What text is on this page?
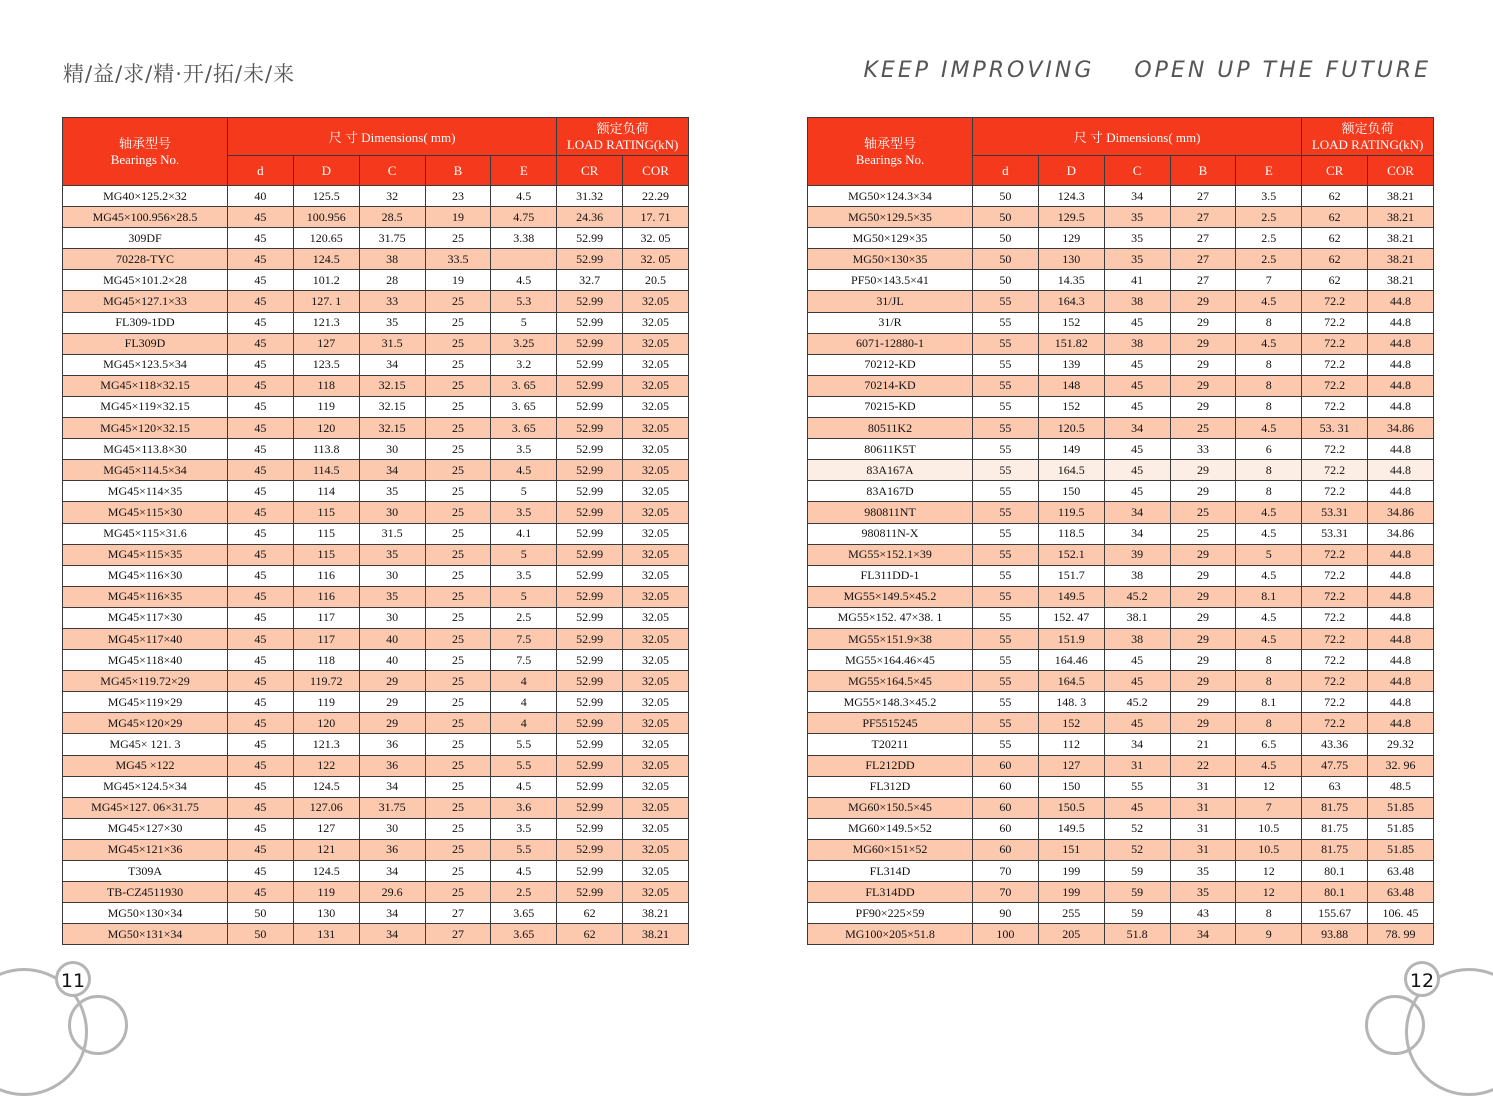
精/益/求/精·开/拓/未/来	KEEP IMPROVING    OPEN UP THE FUTURE
轴承型号
Bearings No.	尺 寸 Dimensions( mm)					额定负荷
LOAD RATING(kN)	
	d	D	C	B	E	CR	COR
MG40×125.2×32	40	125.5	32	23	4.5	31.32	22.29
MG45×100.956×28.5	45	100.956	28.5	19	4.75	24.36	17. 71
309DF	45	120.65	31.75	25	3.38	52.99	32. 05
70228-TYC	45	124.5	38	33.5		52.99	32. 05
MG45×101.2×28	45	101.2	28	19	4.5	32.7	20.5
MG45×127.1×33	45	127. 1	33	25	5.3	52.99	32.05
FL309-1DD	45	121.3	35	25	5	52.99	32.05
FL309D	45	127	31.5	25	3.25	52.99	32.05
MG45×123.5×34	45	123.5	34	25	3.2	52.99	32.05
MG45×118×32.15	45	118	32.15	25	3. 65	52.99	32.05
MG45×119×32.15	45	119	32.15	25	3. 65	52.99	32.05
MG45×120×32.15	45	120	32.15	25	3. 65	52.99	32.05
MG45×113.8×30	45	113.8	30	25	3.5	52.99	32.05
MG45×114.5×34	45	114.5	34	25	4.5	52.99	32.05
MG45×114×35	45	114	35	25	5	52.99	32.05
MG45×115×30	45	115	30	25	3.5	52.99	32.05
MG45×115×31.6	45	115	31.5	25	4.1	52.99	32.05
MG45×115×35	45	115	35	25	5	52.99	32.05
MG45×116×30	45	116	30	25	3.5	52.99	32.05
MG45×116×35	45	116	35	25	5	52.99	32.05
MG45×117×30	45	117	30	25	2.5	52.99	32.05
MG45×117×40	45	117	40	25	7.5	52.99	32.05
MG45×118×40	45	118	40	25	7.5	52.99	32.05
MG45×119.72×29	45	119.72	29	25	4	52.99	32.05
MG45×119×29	45	119	29	25	4	52.99	32.05
MG45×120×29	45	120	29	25	4	52.99	32.05
MG45× 121. 3	45	121.3	36	25	5.5	52.99	32.05
MG45 ×122	45	122	36	25	5.5	52.99	32.05
MG45×124.5×34	45	124.5	34	25	4.5	52.99	32.05
MG45×127. 06×31.75	45	127.06	31.75	25	3.6	52.99	32.05
MG45×127×30	45	127	30	25	3.5	52.99	32.05
MG45×121×36	45	121	36	25	5.5	52.99	32.05
T309A	45	124.5	34	25	4.5	52.99	32.05
TB-CZ4511930	45	119	29.6	25	2.5	52.99	32.05
MG50×130×34	50	130	34	27	3.65	62	38.21
MG50×131×34	50	131	34	27	3.65	62	38.21
轴承型号
Bearings No.	尺 寸 Dimensions( mm)					额定负荷
LOAD RATING(kN)	
	d	D	C	B	E	CR	COR
MG50×124.3×34	50	124.3	34	27	3.5	62	38.21
MG50×129.5×35	50	129.5	35	27	2.5	62	38.21
MG50×129×35	50	129	35	27	2.5	62	38.21
MG50×130×35	50	130	35	27	2.5	62	38.21
PF50×143.5×41	50	14.35	41	27	7	62	38.21
31/JL	55	164.3	38	29	4.5	72.2	44.8
31/R	55	152	45	29	8	72.2	44.8
6071-12880-1	55	151.82	38	29	4.5	72.2	44.8
70212-KD	55	139	45	29	8	72.2	44.8
70214-KD	55	148	45	29	8	72.2	44.8
70215-KD	55	152	45	29	8	72.2	44.8
80511K2	55	120.5	34	25	4.5	53. 31	34.86
80611K5T	55	149	45	33	6	72.2	44.8
83A167A	55	164.5	45	29	8	72.2	44.8
83A167D	55	150	45	29	8	72.2	44.8
980811NT	55	119.5	34	25	4.5	53.31	34.86
980811N-X	55	118.5	34	25	4.5	53.31	34.86
MG55×152.1×39	55	152.1	39	29	5	72.2	44.8
FL311DD-1	55	151.7	38	29	4.5	72.2	44.8
MG55×149.5×45.2	55	149.5	45.2	29	8.1	72.2	44.8
MG55×152. 47×38. 1	55	152. 47	38.1	29	4.5	72.2	44.8
MG55×151.9×38	55	151.9	38	29	4.5	72.2	44.8
MG55×164.46×45	55	164.46	45	29	8	72.2	44.8
MG55×164.5×45	55	164.5	45	29	8	72.2	44.8
MG55×148.3×45.2	55	148. 3	45.2	29	8.1	72.2	44.8
PF5515245	55	152	45	29	8	72.2	44.8
T20211	55	112	34	21	6.5	43.36	29.32
FL212DD	60	127	31	22	4.5	47.75	32. 96
FL312D	60	150	55	31	12	63	48.5
MG60×150.5×45	60	150.5	45	31	7	81.75	51.85
MG60×149.5×52	60	149.5	52	31	10.5	81.75	51.85
MG60×151×52	60	151	52	31	10.5	81.75	51.85
FL314D	70	199	59	35	12	80.1	63.48
FL314DD	70	199	59	35	12	80.1	63.48
PF90×225×59	90	255	59	43	8	155.67	106. 45
MG100×205×51.8	100	205	51.8	34	9	93.88	78. 99
11	12
